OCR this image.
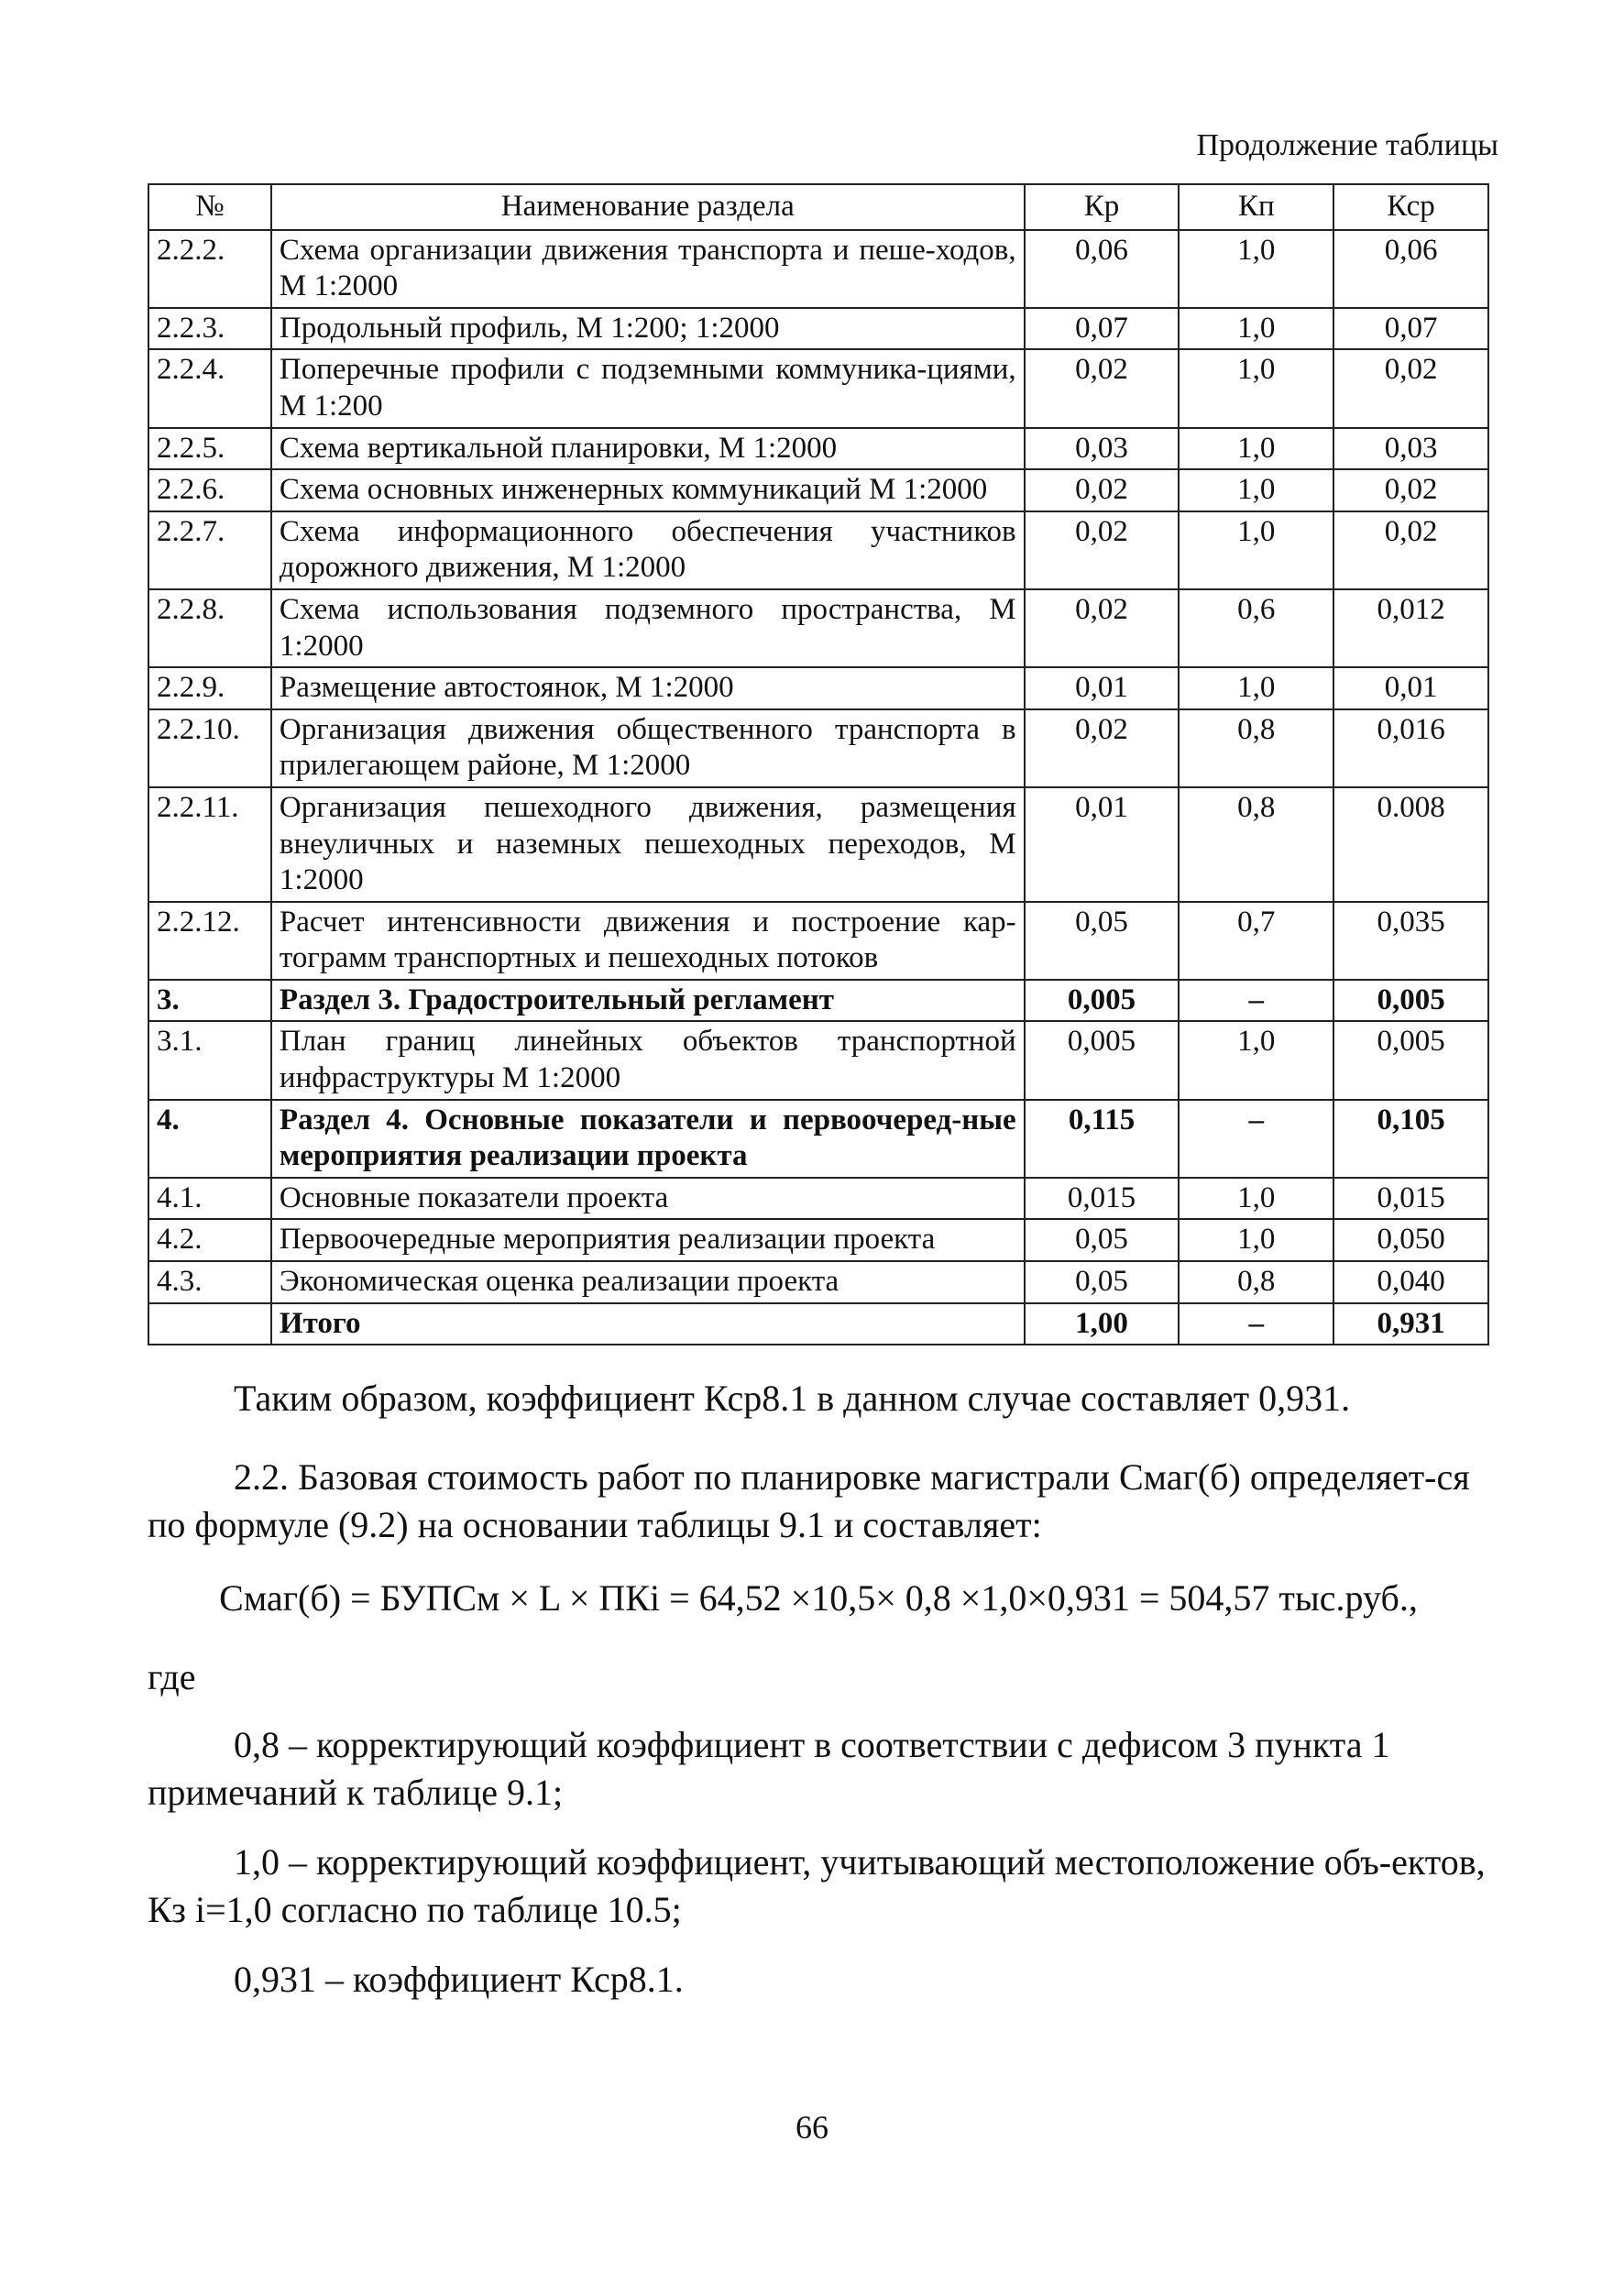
Продолжение таблицы
№	Наименование раздела	Кр	Кп	Кср
2.2.2.	Схема организации движения транспорта и пеше-ходов, М 1:2000	0,06	1,0	0,06
2.2.3.	Продольный профиль, М 1:200; 1:2000	0,07	1,0	0,07
2.2.4.	Поперечные профили с подземными коммуника-циями, М 1:200	0,02	1,0	0,02
2.2.5.	Схема вертикальной планировки, М 1:2000	0,03	1,0	0,03
2.2.6.	Схема основных инженерных коммуникаций М 1:2000	0,02	1,0	0,02
2.2.7.	Схема информационного обеспечения участников дорожного движения, М 1:2000	0,02	1,0	0,02
2.2.8.	Схема использования подземного пространства, М 1:2000	0,02	0,6	0,012
2.2.9.	Размещение автостоянок, М 1:2000	0,01	1,0	0,01
2.2.10.	Организация движения общественного транспорта в прилегающем районе, М 1:2000	0,02	0,8	0,016
2.2.11.	Организация пешеходного движения, размещения внеуличных и наземных пешеходных переходов, М 1:2000	0,01	0,8	0.008
2.2.12.	Расчет интенсивности движения и построение кар-тограмм транспортных и пешеходных потоков	0,05	0,7	0,035
3.	Раздел 3. Градостроительный регламент	0,005	–	0,005
3.1.	План границ линейных объектов транспортной инфраструктуры М 1:2000	0,005	1,0	0,005
4.	Раздел 4. Основные показатели и первоочеред-ные мероприятия реализации проекта	0,115	–	0,105
4.1.	Основные показатели проекта	0,015	1,0	0,015
4.2.	Первоочередные мероприятия реализации проекта	0,05	1,0	0,050
4.3.	Экономическая оценка реализации проекта	0,05	0,8	0,040
	Итого	1,00	–	0,931

Таким образом, коэффициент Кср8.1 в данном случае составляет 0,931.

2.2. Базовая стоимость работ по планировке магистрали Смаг(б) определяет-ся по формуле (9.2) на основании таблицы 9.1 и составляет:

Смаг(б) = БУПСм × L × ПКi = 64,52 ×10,5× 0,8 ×1,0×0,931 = 504,57 тыс.руб.,

где

0,8 – корректирующий коэффициент в соответствии с дефисом 3 пункта 1 примечаний к таблице 9.1;

1,0 – корректирующий коэффициент, учитывающий местоположение объ-ектов, Кз i=1,0 согласно по таблице 10.5;

0,931 – коэффициент Кср8.1.

66
